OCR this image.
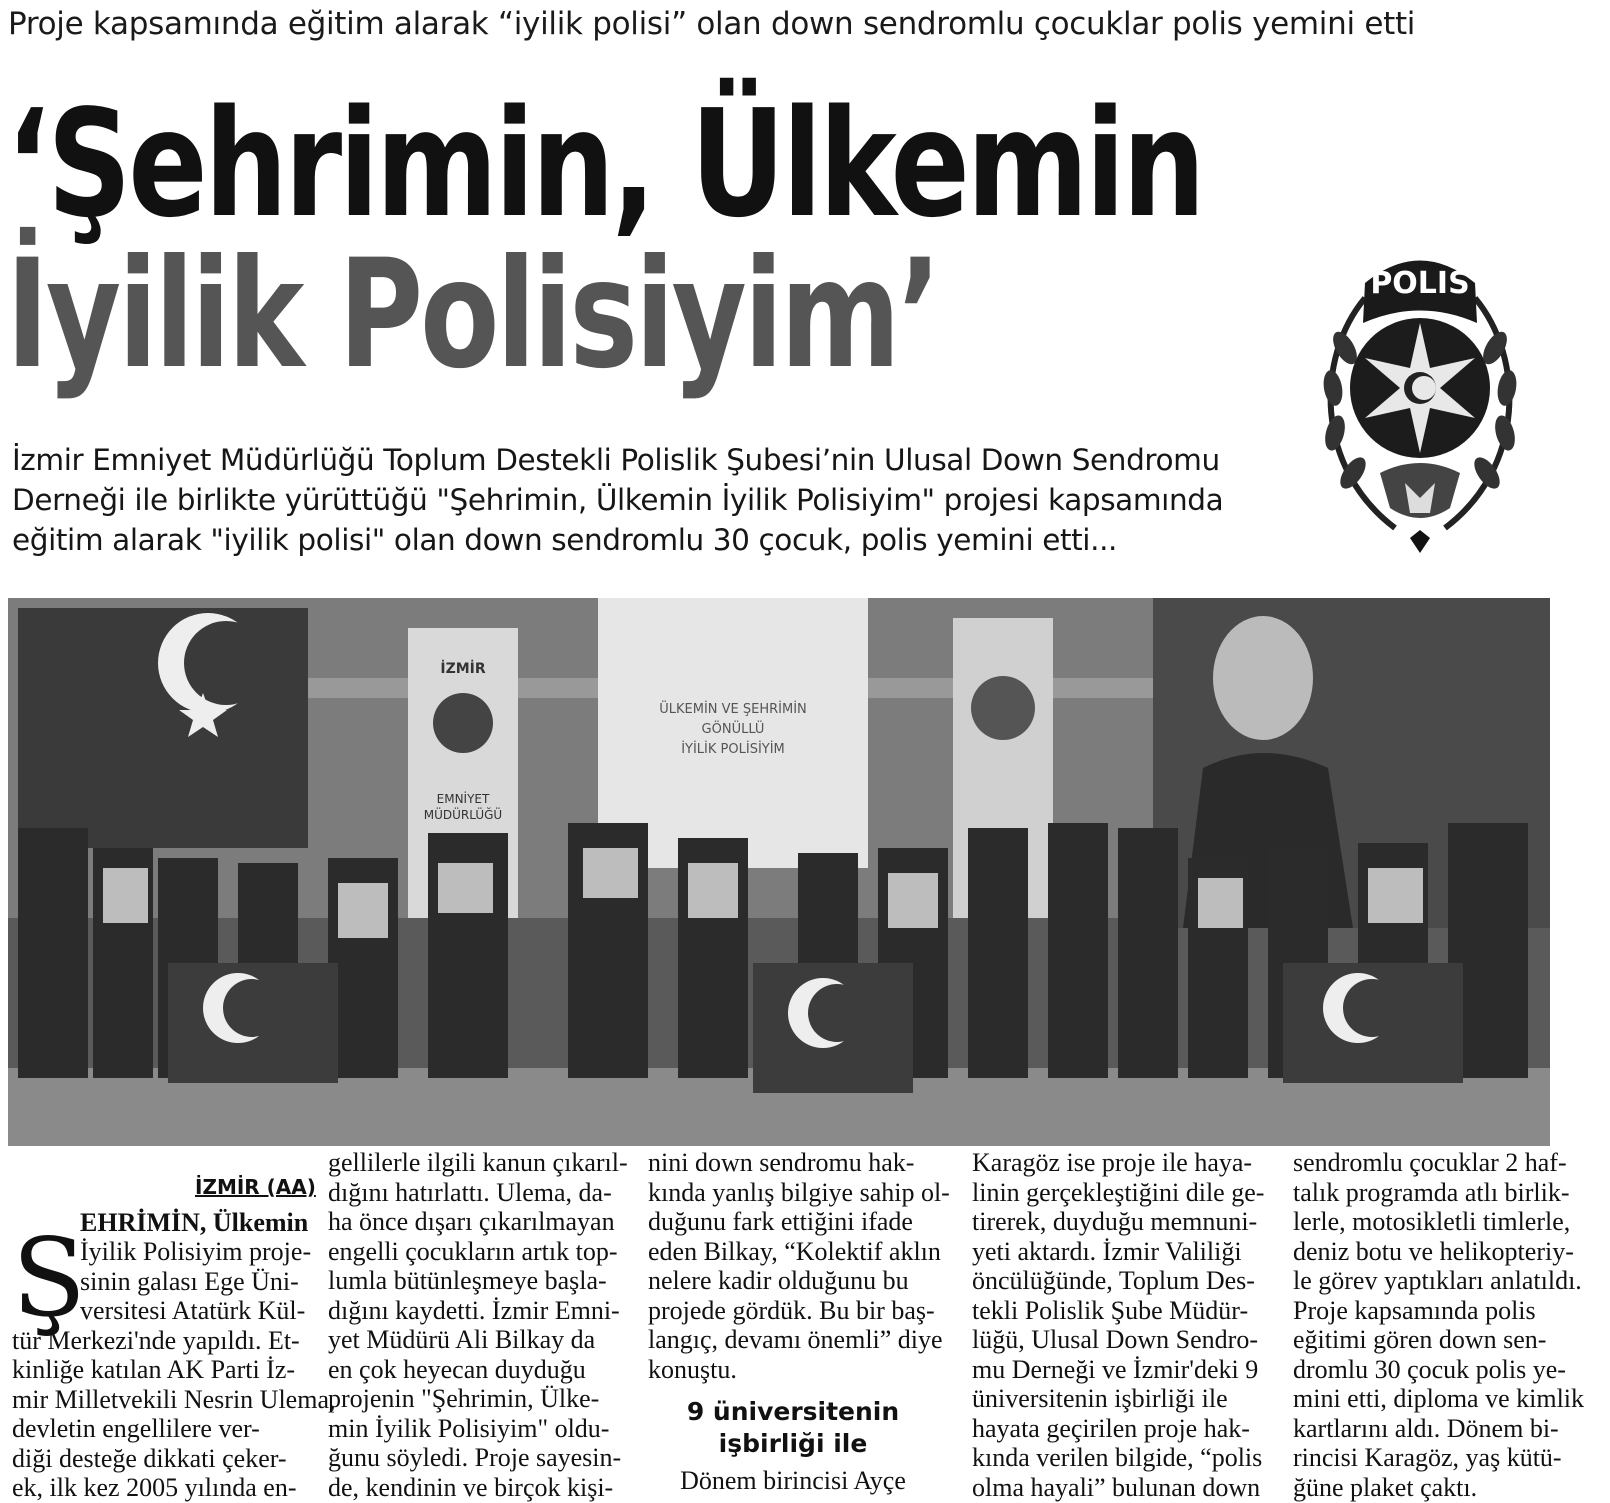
Proje kapsamında eğitim alarak “iyilik polisi” olan down sendromlu çocuklar polis yemini etti
‘Şehrimin, Ülkemin
İyilik Polisiyim’
İzmir Emniyet Müdürlüğü Toplum Destekli Polislik Şubesi’nin Ulusal Down Sendromu
Derneği ile birlikte yürüttüğü "Şehrimin, Ülkemin İyilik Polisiyim" projesi kapsamında
eğitim alarak "iyilik polisi" olan down sendromlu 30 çocuk, polis yemini etti...
POLIS
İZMİR
EMNİYET
MÜDÜRLÜĞÜ
ÜLKEMİN VE ŞEHRİMİN
GÖNÜLLÜ
İYİLİK POLİSİYİM
İZMİR (AA)
Ş
EHRİMİN, Ülkemin
İyilik Polisiyim proje-
sinin galası Ege Üni-
versitesi Atatürk Kül-
tür Merkezi'nde yapıldı. Et-
kinliğe katılan AK Parti İz-
mir Milletvekili Nesrin Ulema,
devletin engellilere ver-
diği desteğe dikkati çeker-
ek, ilk kez 2005 yılında en-
gellilerle ilgili kanun çıkarıl-
dığını hatırlattı. Ulema, da-
ha önce dışarı çıkarılmayan
engelli çocukların artık top-
lumla bütünleşmeye başla-
dığını kaydetti. İzmir Emni-
yet Müdürü Ali Bilkay da
en çok heyecan duyduğu
projenin "Şehrimin, Ülke-
min İyilik Polisiyim" oldu-
ğunu söyledi. Proje sayesin-
de, kendinin ve birçok kişi-
nini down sendromu hak-
kında yanlış bilgiye sahip ol-
duğunu fark ettiğini ifade
eden Bilkay, “Kolektif aklın
nelere kadir olduğunu bu
projede gördük. Bu bir baş-
langıç, devamı önemli” diye
konuştu.
9 üniversitenin
işbirliği ile
Dönem birincisi Ayçe
Karagöz ise proje ile haya-
linin gerçekleştiğini dile ge-
tirerek, duyduğu memnuni-
yeti aktardı. İzmir Valiliği
öncülüğünde, Toplum Des-
tekli Polislik Şube Müdür-
lüğü, Ulusal Down Sendro-
mu Derneği ve İzmir'deki 9
üniversitenin işbirliği ile
hayata geçirilen proje hak-
kında verilen bilgide, “polis
olma hayali” bulunan down
sendromlu çocuklar 2 haf-
talık programda atlı birlik-
lerle, motosikletli timlerle,
deniz botu ve helikopteriy-
le görev yaptıkları anlatıldı.
Proje kapsamında polis
eğitimi gören down sen-
dromlu 30 çocuk polis ye-
mini etti, diploma ve kimlik
kartlarını aldı. Dönem bi-
rincisi Karagöz, yaş kütü-
ğüne plaket çaktı.
